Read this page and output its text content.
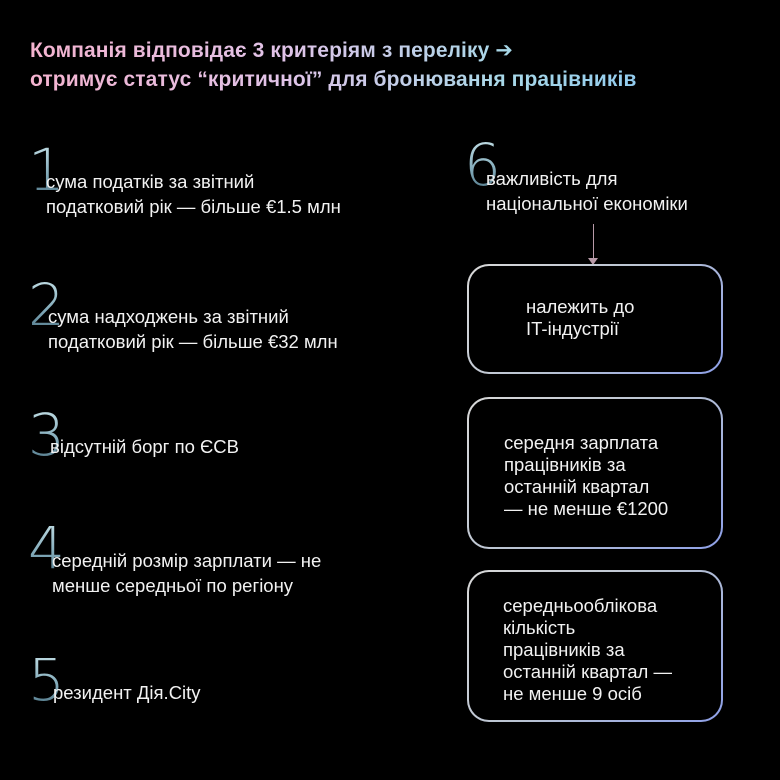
Компанія відповідає 3 критеріям з переліку ➔
отримує статус “критичної” для бронювання працівників
1
сума податків за звітний
податковий рік — більше €1.5 млн
2
сума надходжень за звітний
податковий рік — більше €32 млн
3
відсутній борг по ЄСВ
4
середній розмір зарплати — не
менше середньої по регіону
5
резидент Дія.City
6
важливість для
національної економіки
належить до
IT-індустрії
середня зарплата
працівників за
останній квартал
— не менше €1200
середньооблікова
кількість
працівників за
останній квартал —
не менше 9 осіб
